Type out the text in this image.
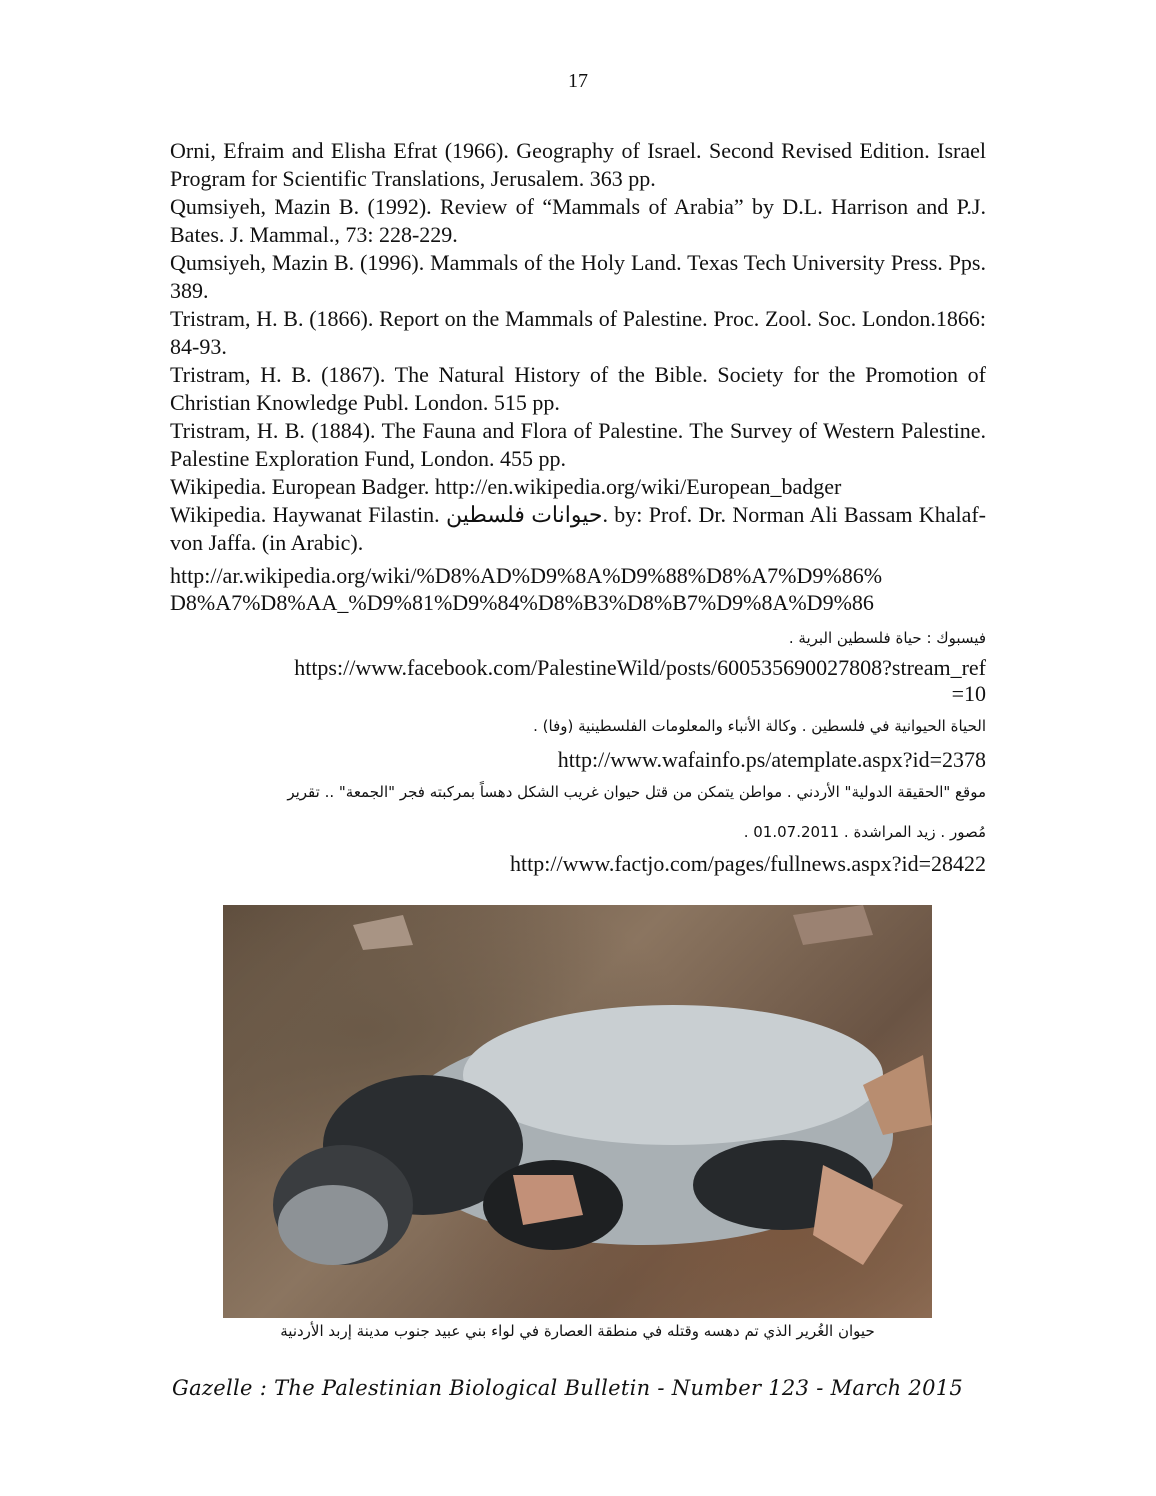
17

Orni, Efraim and Elisha Efrat (1966). Geography of Israel. Second Revised Edition. Israel Program for Scientific Translations, Jerusalem. 363 pp.

Qumsiyeh, Mazin B. (1992). Review of “Mammals of Arabia” by D.L. Harrison and P.J. Bates. J. Mammal., 73: 228-229.

Qumsiyeh, Mazin B. (1996). Mammals of the Holy Land. Texas Tech University Press. Pps. 389.

Tristram, H. B. (1866). Report on the Mammals of Palestine. Proc. Zool. Soc. London.1866: 84-93.

Tristram, H. B. (1867). The Natural History of the Bible. Society for the Promotion of Christian Knowledge Publ. London. 515 pp.

Tristram, H. B. (1884). The Fauna and Flora of Palestine. The Survey of Western Palestine. Palestine Exploration Fund, London. 455 pp.

Wikipedia. European Badger. http://en.wikipedia.org/wiki/European_badger

Wikipedia. Haywanat Filastin. حيوانات فلسطين. by: Prof. Dr. Norman Ali Bassam Khalaf-von Jaffa. (in Arabic).

http://ar.wikipedia.org/wiki/%D8%AD%D9%8A%D9%88%D8%A7%D9%86%
D8%A7%D8%AA_%D9%81%D9%84%D8%B3%D8%B7%D9%8A%D9%86
فيسبوك : حياة فلسطين البرية .
https://www.facebook.com/PalestineWild/posts/600535690027808?stream_ref
=10
الحياة الحيوانية في فلسطين . وكالة الأنباء والمعلومات الفلسطينية (وفا) .
http://www.wafainfo.ps/atemplate.aspx?id=2378
موقع "الحقيقة الدولية" الأردني . مواطن يتمكن من قتل حيوان غريب الشكل دهساً بمركبته فجر "الجمعة" .. تقرير
مُصور . زيد المراشدة . 01.07.2011 .
http://www.factjo.com/pages/fullnews.aspx?id=28422
حيوان الغُرير الذي تم دهسه وقتله في منطقة العصارة في لواء بني عبيد جنوب مدينة إربد الأردنية
Gazelle : The Palestinian Biological Bulletin - Number 123 - March 2015
